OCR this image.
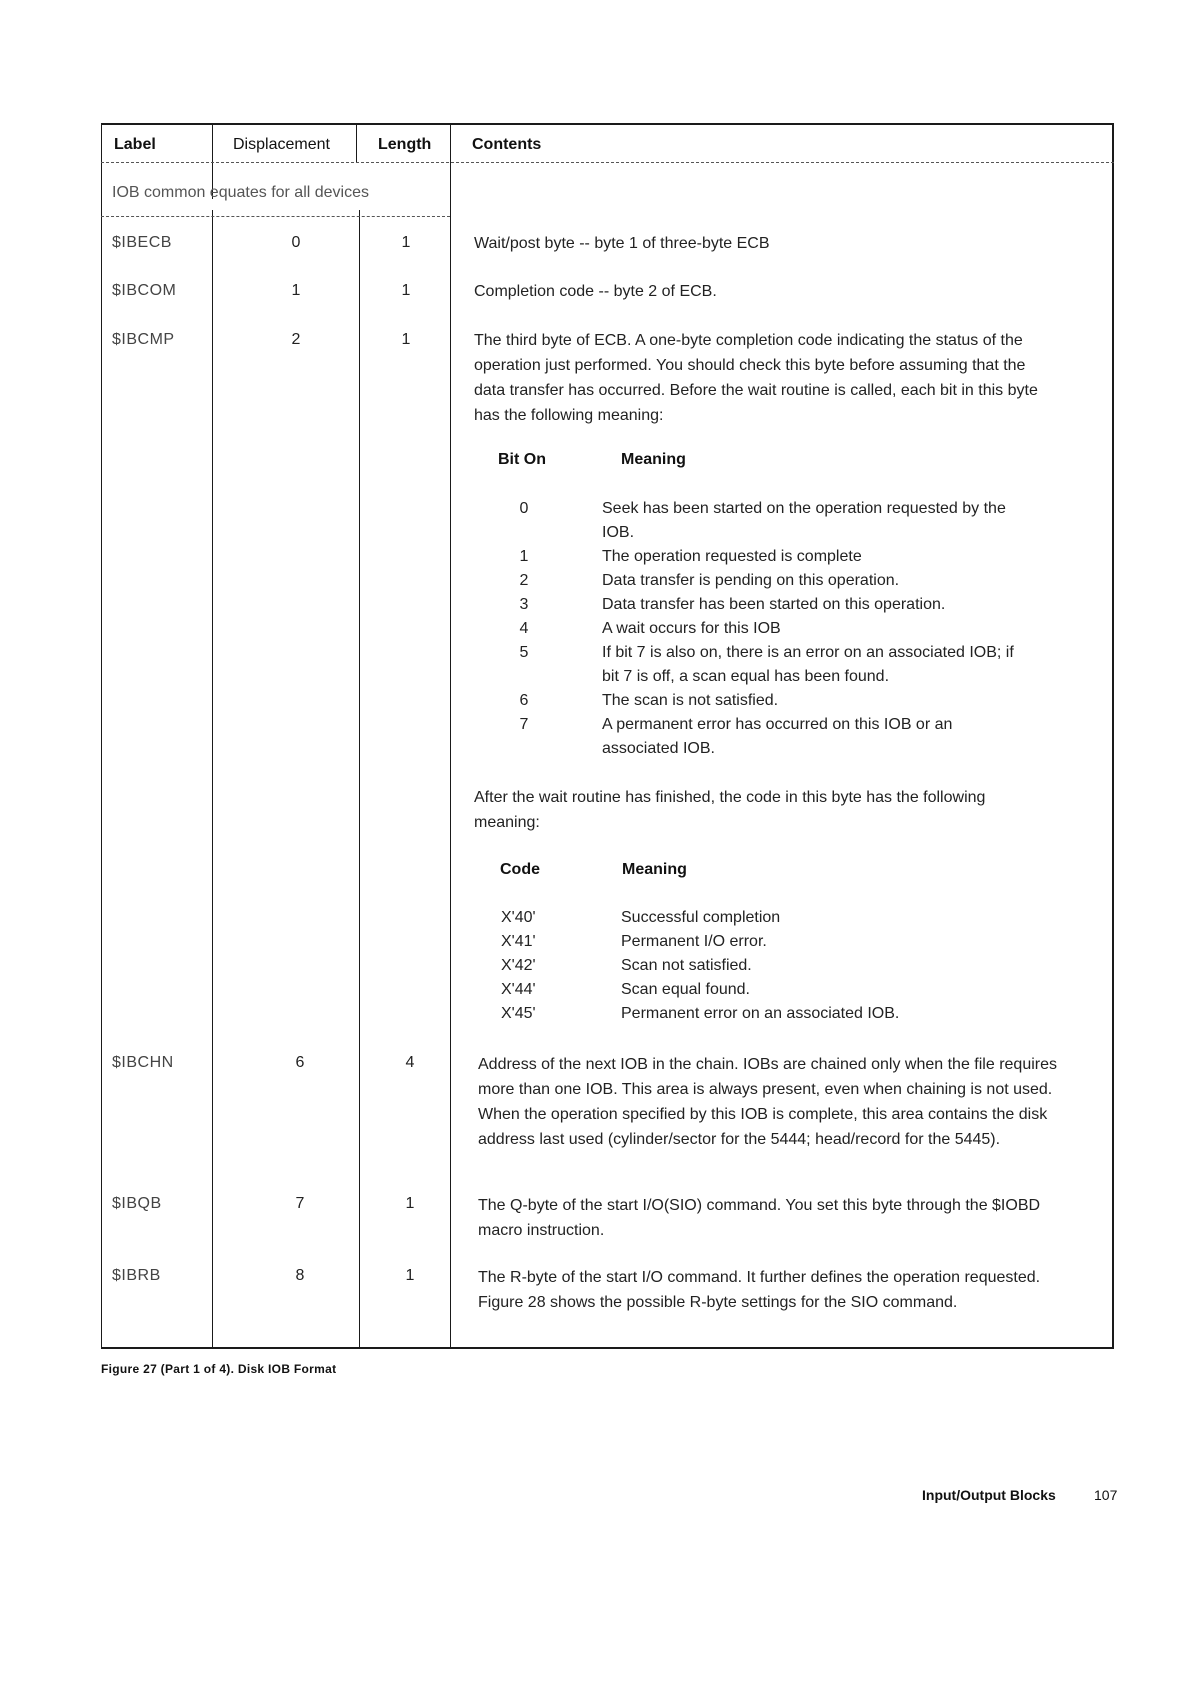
Label	Displacement	Length	Contents
IOB common equates for all devices
$IBECB	0	1	Wait/post byte -- byte 1 of three-byte ECB
$IBCOM	1	1	Completion code -- byte 2 of ECB.
$IBCMP	2	1	The third byte of ECB. A one-byte completion code indicating the status of the operation just performed. You should check this byte before assuming that the data transfer has occurred. Before the wait routine is called, each bit in this byte has the following meaning:
Bit On	Meaning
0	Seek has been started on the operation requested by the IOB.
1	The operation requested is complete
2	Data transfer is pending on this operation.
3	Data transfer has been started on this operation.
4	A wait occurs for this IOB
5	If bit 7 is also on, there is an error on an associated IOB; if bit 7 is off, a scan equal has been found.
6	The scan is not satisfied.
7	A permanent error has occurred on this IOB or an associated IOB.
After the wait routine has finished, the code in this byte has the following meaning:
Code	Meaning
X'40'	Successful completion
X'41'	Permanent I/O error.
X'42'	Scan not satisfied.
X'44'	Scan equal found.
X'45'	Permanent error on an associated IOB.
$IBCHN	6	4	Address of the next IOB in the chain. IOBs are chained only when the file requires more than one IOB. This area is always present, even when chaining is not used. When the operation specified by this IOB is complete, this area contains the disk address last used (cylinder/sector for the 5444; head/record for the 5445).
$IBQB	7	1	The Q-byte of the start I/O(SIO) command. You set this byte through the $IOBD macro instruction.
$IBRB	8	1	The R-byte of the start I/O command. It further defines the operation requested. Figure 28 shows the possible R-byte settings for the SIO command.
Figure 27 (Part 1 of 4). Disk IOB Format
Input/Output Blocks	107
